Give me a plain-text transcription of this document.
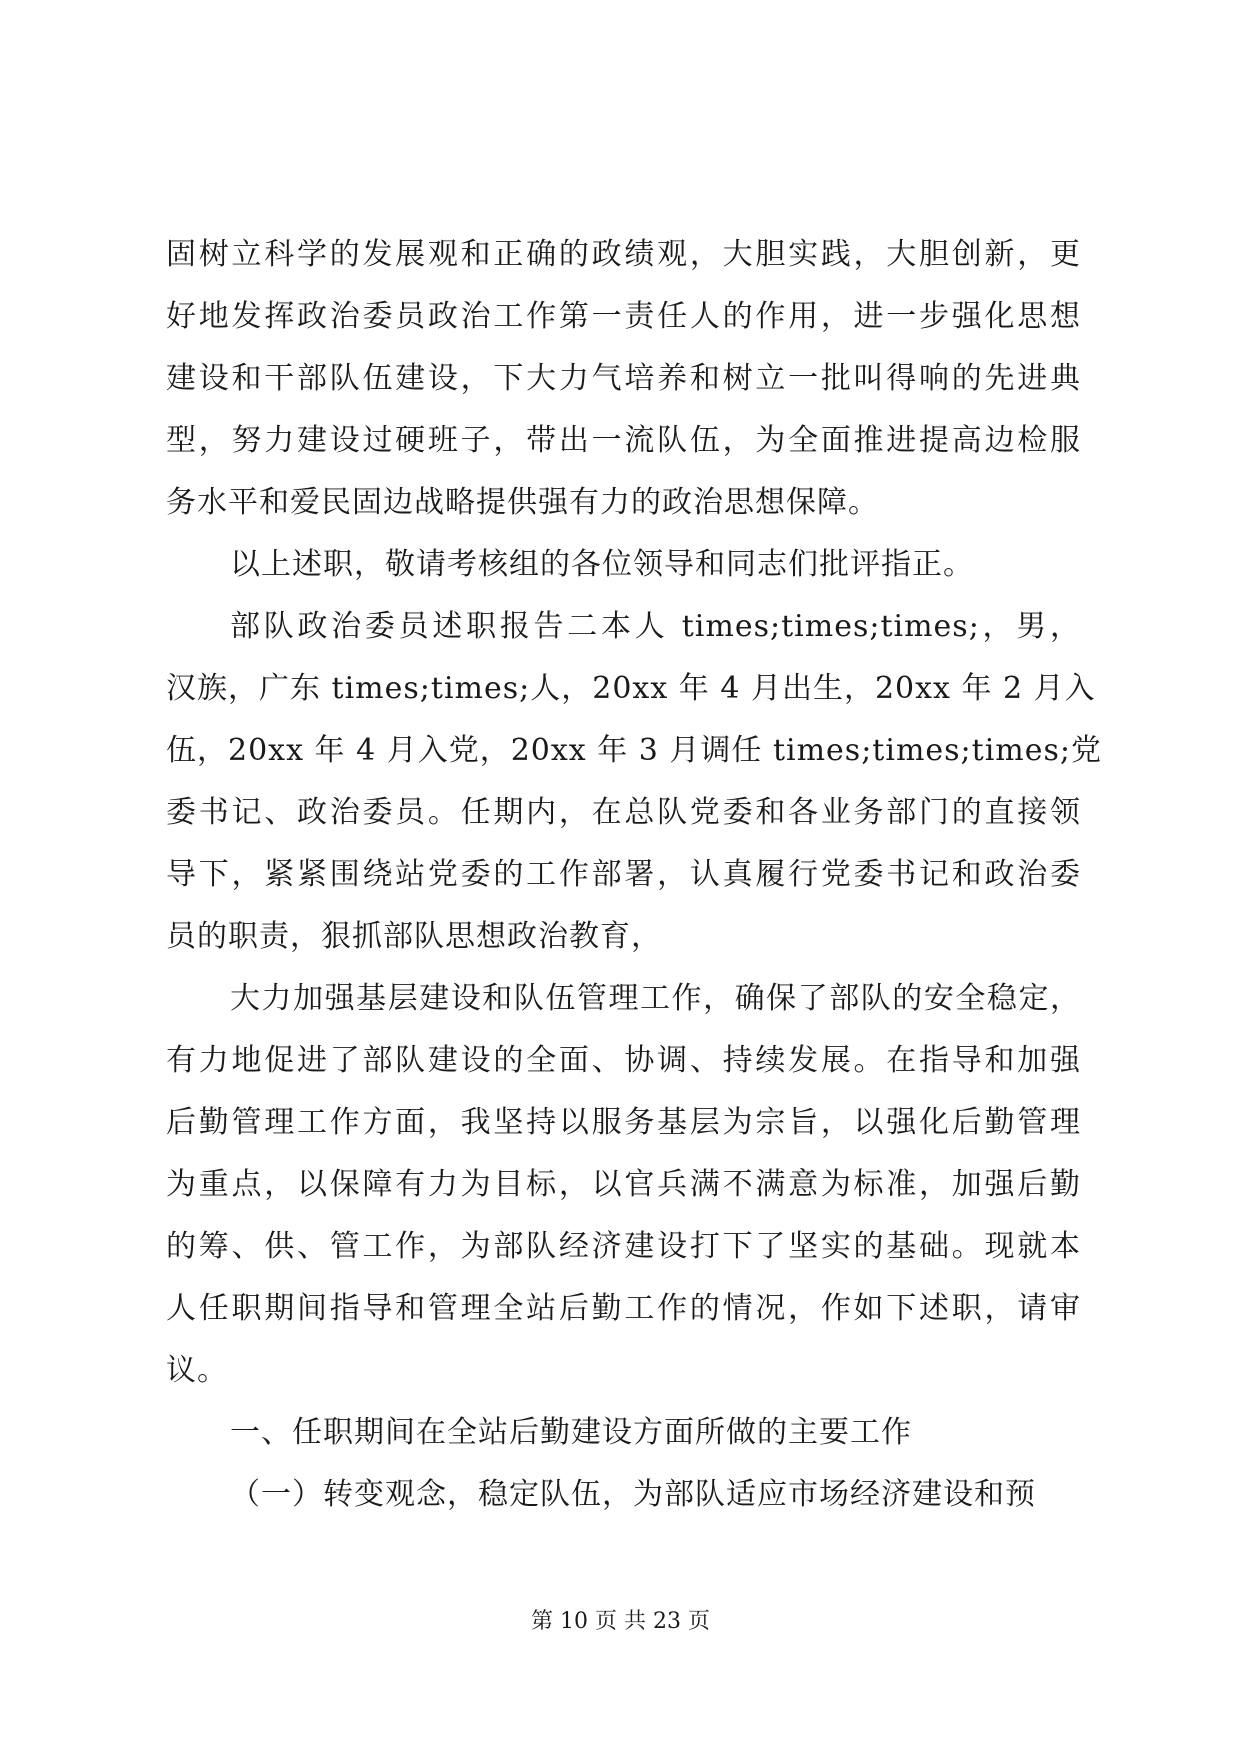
固树立科学的发展观和正确的政绩观，大胆实践，大胆创新，更
好地发挥政治委员政治工作第一责任人的作用，进一步强化思想
建设和干部队伍建设，下大力气培养和树立一批叫得响的先进典
型，努力建设过硬班子，带出一流队伍，为全面推进提高边检服
务水平和爱民固边战略提供强有力的政治思想保障。
以上述职，敬请考核组的各位领导和同志们批评指正。
部队政治委员述职报告二本人 times;times;times;，男，
汉族，广东 times;times;人，20xx 年 4 月出生，20xx 年 2 月入
伍，20xx 年 4 月入党，20xx 年 3 月调任 times;times;times;党
委书记、政治委员。任期内，在总队党委和各业务部门的直接领
导下，紧紧围绕站党委的工作部署，认真履行党委书记和政治委
员的职责，狠抓部队思想政治教育，
大力加强基层建设和队伍管理工作，确保了部队的安全稳定，
有力地促进了部队建设的全面、协调、持续发展。在指导和加强
后勤管理工作方面，我坚持以服务基层为宗旨，以强化后勤管理
为重点，以保障有力为目标，以官兵满不满意为标准，加强后勤
的筹、供、管工作，为部队经济建设打下了坚实的基础。现就本
人任职期间指导和管理全站后勤工作的情况，作如下述职，请审
议。
一、任职期间在全站后勤建设方面所做的主要工作
（一）转变观念，稳定队伍，为部队适应市场经济建设和预
第 10 页 共 23 页
